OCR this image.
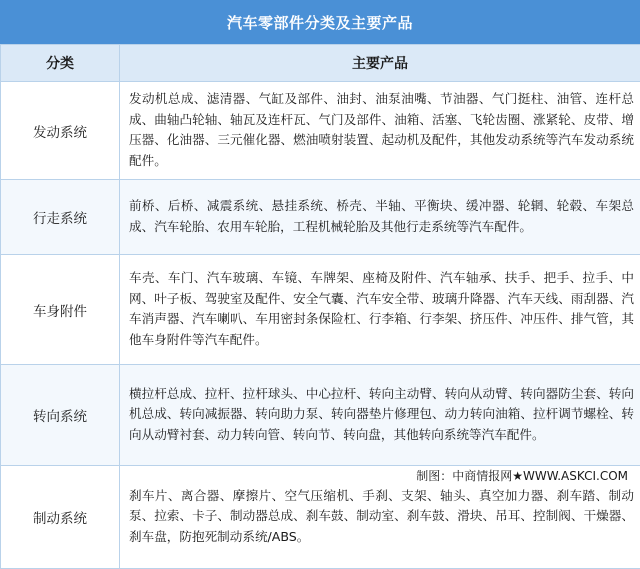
汽车零部件分类及主要产品
分类	主要产品
发动系统	发动机总成、滤清器、气缸及部件、油封、油泵油嘴、节油器、气门挺柱、油管、连杆总成、曲轴凸轮轴、轴瓦及连杆瓦、气门及部件、油箱、活塞、飞轮齿圈、涨紧轮、皮带、增压器、化油器、三元催化器、燃油喷射装置、起动机及配件，其他发动系统等汽车发动系统配件。
行走系统	前桥、后桥、减震系统、悬挂系统、桥壳、半轴、平衡块、缓冲器、轮辋、轮毂、车架总成、汽车轮胎、农用车轮胎，工程机械轮胎及其他行走系统等汽车配件。
车身附件	车壳、车门、汽车玻璃、车镜、车牌架、座椅及附件、汽车轴承、扶手、把手、拉手、中网、叶子板、驾驶室及配件、安全气囊、汽车安全带、玻璃升降器、汽车天线、雨刮器、汽车消声器、汽车喇叭、车用密封条保险杠、行李箱、行李架、挤压件、冲压件、排气管，其他车身附件等汽车配件。
转向系统	横拉杆总成、拉杆、拉杆球头、中心拉杆、转向主动臂、转向从动臂、转向器防尘套、转向机总成、转向减振器、转向助力泵、转向器垫片修理包、动力转向油箱、拉杆调节螺栓、转向从动臂衬套、动力转向管、转向节、转向盘，其他转向系统等汽车配件。
制动系统	刹车片、离合器、摩擦片、空气压缩机、手刹、支架、轴头、真空加力器、刹车踏、制动泵、拉索、卡子、制动器总成、刹车鼓、制动室、刹车鼓、滑块、吊耳、控制阀、干燥器、刹车盘，防抱死制动系统/ABS。
制图：中商情报网★WWW.ASKCI.COM
